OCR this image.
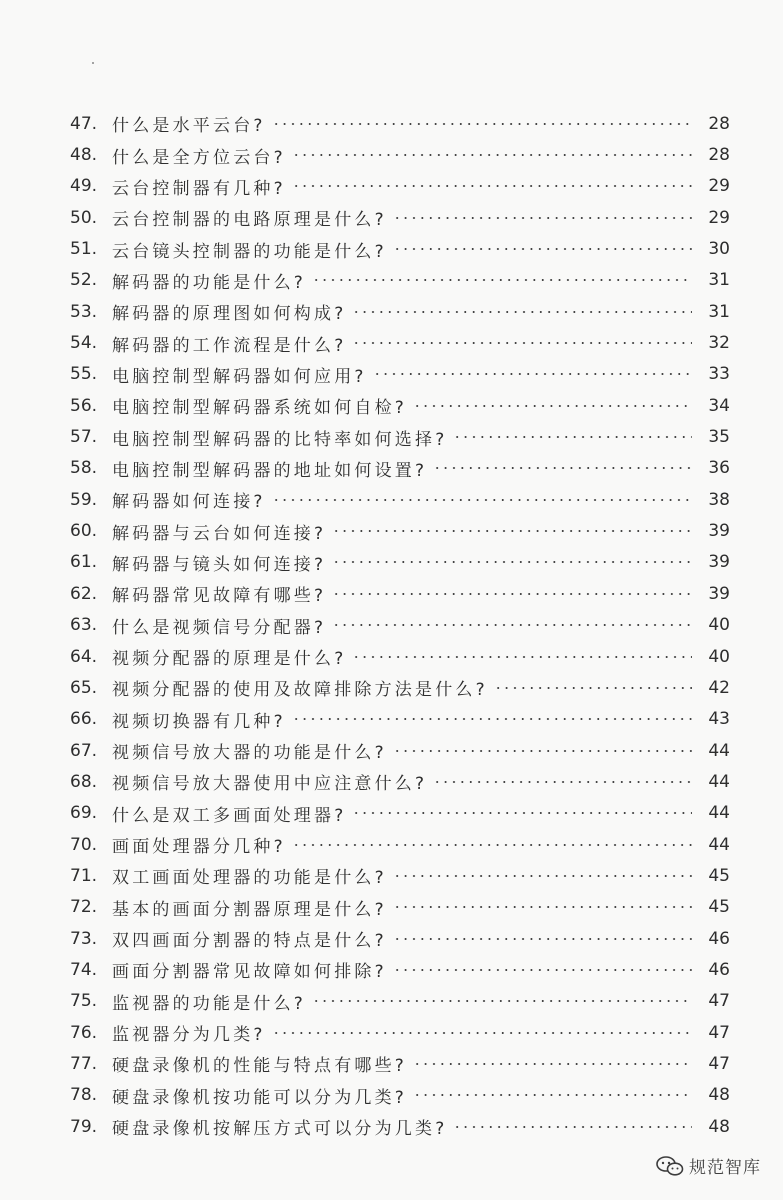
47. 什么是水平云台?	28
48. 什么是全方位云台?	28
49. 云台控制器有几种?	29
50. 云台控制器的电路原理是什么?	29
51. 云台镜头控制器的功能是什么?	30
52. 解码器的功能是什么?	31
53. 解码器的原理图如何构成?	31
54. 解码器的工作流程是什么?	32
55. 电脑控制型解码器如何应用?	33
56. 电脑控制型解码器系统如何自检?	34
57. 电脑控制型解码器的比特率如何选择?	35
58. 电脑控制型解码器的地址如何设置?	36
59. 解码器如何连接?	38
60. 解码器与云台如何连接?	39
61. 解码器与镜头如何连接?	39
62. 解码器常见故障有哪些?	39
63. 什么是视频信号分配器?	40
64. 视频分配器的原理是什么?	40
65. 视频分配器的使用及故障排除方法是什么?	42
66. 视频切换器有几种?	43
67. 视频信号放大器的功能是什么?	44
68. 视频信号放大器使用中应注意什么?	44
69. 什么是双工多画面处理器?	44
70. 画面处理器分几种?	44
71. 双工画面处理器的功能是什么?	45
72. 基本的画面分割器原理是什么?	45
73. 双四画面分割器的特点是什么?	46
74. 画面分割器常见故障如何排除?	46
75. 监视器的功能是什么?	47
76. 监视器分为几类?	47
77. 硬盘录像机的性能与特点有哪些?	47
78. 硬盘录像机按功能可以分为几类?	48
79. 硬盘录像机按解压方式可以分为几类?	48
规范智库
